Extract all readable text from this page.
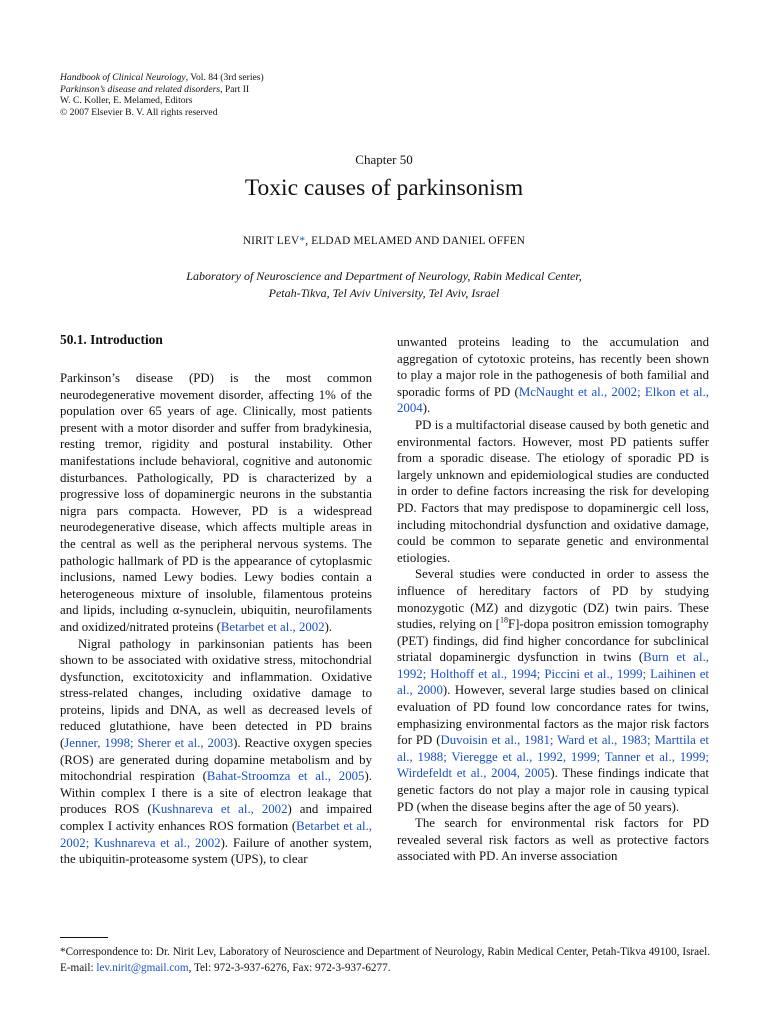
Handbook of Clinical Neurology, Vol. 84 (3rd series)
Parkinson’s disease and related disorders, Part II
W. C. Koller, E. Melamed, Editors
© 2007 Elsevier B. V. All rights reserved
Chapter 50
Toxic causes of parkinsonism
NIRIT LEV*, ELDAD MELAMED AND DANIEL OFFEN
Laboratory of Neuroscience and Department of Neurology, Rabin Medical Center,
Petah-Tikva, Tel Aviv University, Tel Aviv, Israel
50.1. Introduction

Parkinson’s disease (PD) is the most common neurodegenerative movement disorder, affecting 1% of the population over 65 years of age. Clinically, most patients present with a motor disorder and suffer from bradykinesia, resting tremor, rigidity and postural instability. Other manifestations include behavioral, cognitive and autonomic disturbances. Pathologically, PD is characterized by a progressive loss of dopaminergic neurons in the substantia nigra pars compacta. However, PD is a widespread neurodegenerative disease, which affects multiple areas in the central as well as the peripheral nervous systems. The pathologic hallmark of PD is the appearance of cytoplasmic inclusions, named Lewy bodies. Lewy bodies contain a heterogeneous mixture of insoluble, filamentous proteins and lipids, including α-synuclein, ubiquitin, neurofilaments and oxidized/nitrated proteins (Betarbet et al., 2002).

Nigral pathology in parkinsonian patients has been shown to be associated with oxidative stress, mitochondrial dysfunction, excitotoxicity and inflammation. Oxidative stress-related changes, including oxidative damage to proteins, lipids and DNA, as well as decreased levels of reduced glutathione, have been detected in PD brains (Jenner, 1998; Sherer et al., 2003). Reactive oxygen species (ROS) are generated during dopamine metabolism and by mitochondrial respiration (Bahat-Stroomza et al., 2005). Within complex I there is a site of electron leakage that produces ROS (Kushnareva et al., 2002) and impaired complex I activity enhances ROS formation (Betarbet et al., 2002; Kushnareva et al., 2002). Failure of another system, the ubiquitin-proteasome system (UPS), to clear

unwanted proteins leading to the accumulation and aggregation of cytotoxic proteins, has recently been shown to play a major role in the pathogenesis of both familial and sporadic forms of PD (McNaught et al., 2002; Elkon et al., 2004).

PD is a multifactorial disease caused by both genetic and environmental factors. However, most PD patients suffer from a sporadic disease. The etiology of sporadic PD is largely unknown and epidemiological studies are conducted in order to define factors increasing the risk for developing PD. Factors that may predispose to dopaminergic cell loss, including mitochondrial dysfunction and oxidative damage, could be common to separate genetic and environmental etiologies.

Several studies were conducted in order to assess the influence of hereditary factors of PD by studying monozygotic (MZ) and dizygotic (DZ) twin pairs. These studies, relying on [$^{18}$F]-dopa positron emission tomography (PET) findings, did find higher concordance for subclinical striatal dopaminergic dysfunction in twins (Burn et al., 1992; Holthoff et al., 1994; Piccini et al., 1999; Laihinen et al., 2000). However, several large studies based on clinical evaluation of PD found low concordance rates for twins, emphasizing environmental factors as the major risk factors for PD (Duvoisin et al., 1981; Ward et al., 1983; Marttila et al., 1988; Vieregge et al., 1992, 1999; Tanner et al., 1999; Wirdefeldt et al., 2004, 2005). These findings indicate that genetic factors do not play a major role in causing typical PD (when the disease begins after the age of 50 years).

The search for environmental risk factors for PD revealed several risk factors as well as protective factors associated with PD. An inverse association

*Correspondence to: Dr. Nirit Lev, Laboratory of Neuroscience and Department of Neurology, Rabin Medical Center, Petah-Tikva 49100, Israel. E-mail: lev.nirit@gmail.com, Tel: 972-3-937-6276, Fax: 972-3-937-6277.
